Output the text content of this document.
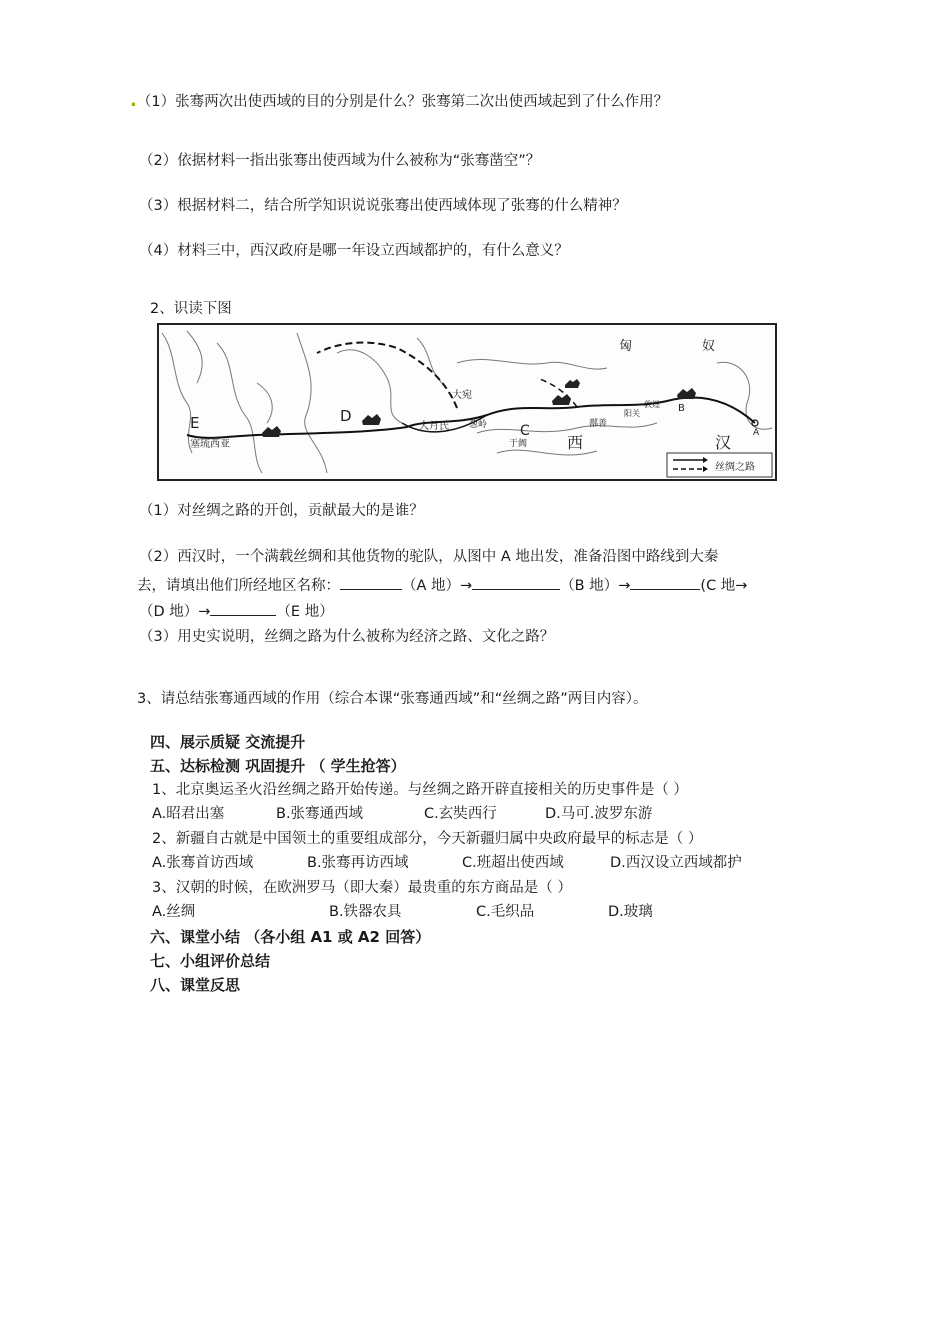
.（1）张骞两次出使西域的目的分别是什么？张骞第二次出使西域起到了什么作用？
（2）依据材料一指出张骞出使西域为什么被称为“张骞凿空”？
（3）根据材料二，结合所学知识说说张骞出使西域体现了张骞的什么精神？
（4）材料三中，西汉政府是哪一年设立西域都护的，有什么意义？
2、识读下图
匈	奴
汉
西
D
E	C
B
A
大宛
大月氏 葱岭
于阗
塞琉西亚
阳关
敦煌
鄯善
丝绸之路
（1）对丝绸之路的开创，贡献最大的是谁？
（2）西汉时，一个满载丝绸和其他货物的驼队，从图中 A 地出发，准备沿图中路线到大秦
去，请填出他们所经地区名称：	（A 地）→	（B 地）→	(C 地→
（D 地）→	（E 地）
（3）用史实说明，丝绸之路为什么被称为经济之路、文化之路？
3、请总结张骞通西域的作用（综合本课“张骞通西域”和“丝绸之路”两目内容）。
四、展示质疑 交流提升
五、达标检测 巩固提升 （ 学生抢答）
1、北京奥运圣火沿丝绸之路开始传递。与丝绸之路开辟直接相关的历史事件是（ ）
A.昭君出塞	B.张骞通西域	C.玄奘西行	D.马可.波罗东游
2、新疆自古就是中国领土的重要组成部分，今天新疆归属中央政府最早的标志是（ ）
A.张骞首访西域	B.张骞再访西域	C.班超出使西域	D.西汉设立西域都护
3、汉朝的时候，在欧洲罗马（即大秦）最贵重的东方商品是（ ）
A.丝绸	B.铁器农具	C.毛织品	D.玻璃
六、课堂小结 （各小组 A1 或 A2 回答）
七、小组评价总结
八、课堂反思
